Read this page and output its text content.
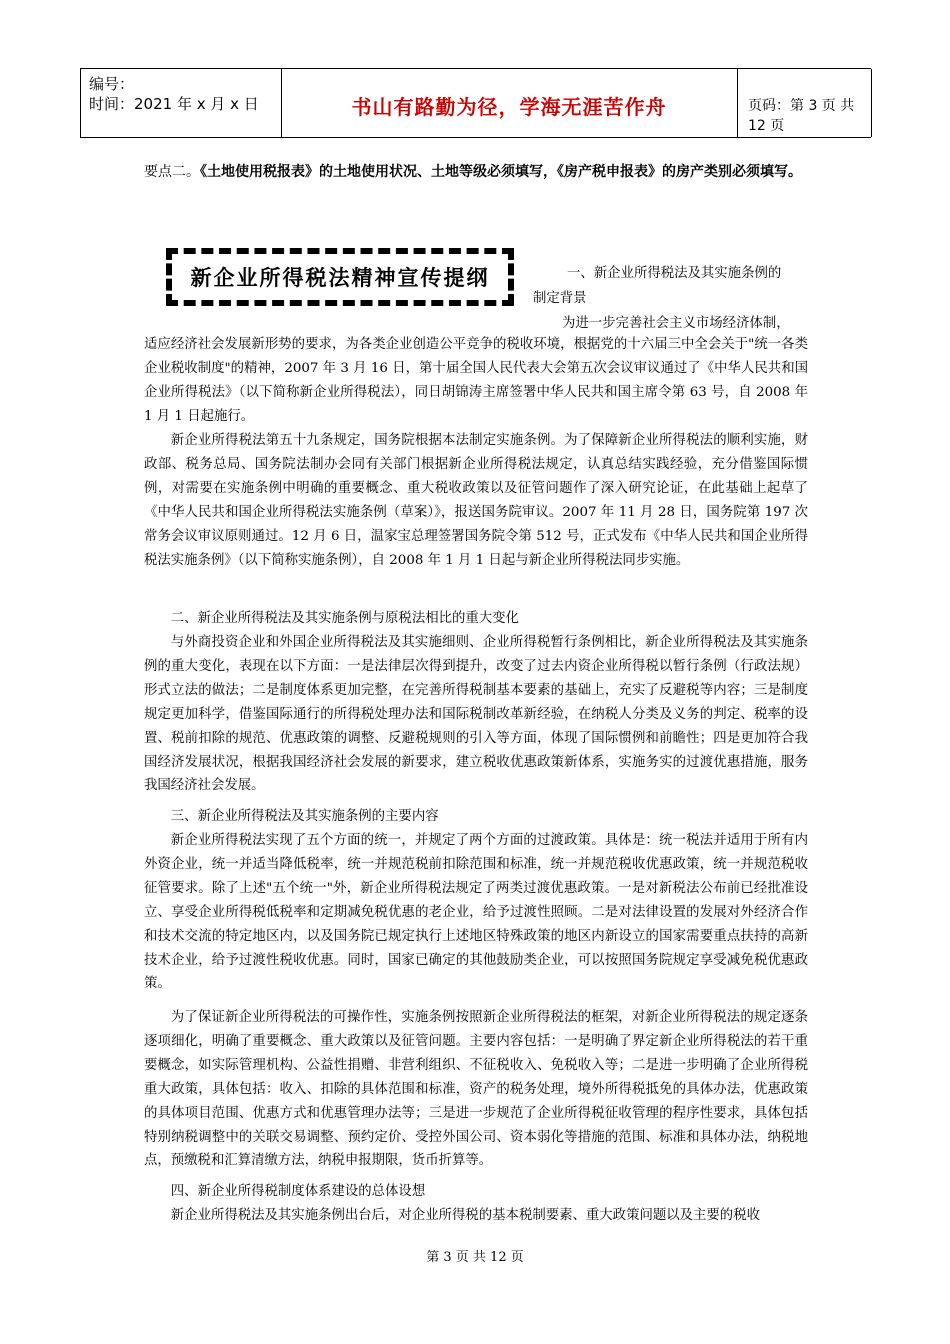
编号：
时间：2021 年 x 月 x 日	书山有路勤为径，学海无涯苦作舟	页码：第 3 页 共 12 页

要点二。《土地使用税报表》的土地使用状况、土地等级必须填写，《房产税申报表》的房产类别必须填写。

新企业所得税法精神宣传提纲	一、新企业所得税法及其实施条例的
制定背景
为进一步完善社会主义市场经济体制，

适应经济社会发展新形势的要求，为各类企业创造公平竞争的税收环境，根据党的十六届三中全会关于"统一各类企业税收制度"的精神，2007 年 3 月 16 日，第十届全国人民代表大会第五次会议审议通过了《中华人民共和国企业所得税法》（以下简称新企业所得税法），同日胡锦涛主席签署中华人民共和国主席令第 63 号，自 2008 年 1 月 1 日起施行。

新企业所得税法第五十九条规定，国务院根据本法制定实施条例。为了保障新企业所得税法的顺利实施，财政部、税务总局、国务院法制办会同有关部门根据新企业所得税法规定，认真总结实践经验，充分借鉴国际惯例，对需要在实施条例中明确的重要概念、重大税收政策以及征管问题作了深入研究论证，在此基础上起草了《中华人民共和国企业所得税法实施条例（草案）》，报送国务院审议。2007 年 11 月 28 日，国务院第 197 次常务会议审议原则通过。12 月 6 日，温家宝总理签署国务院令第 512 号，正式发布《中华人民共和国企业所得税法实施条例》（以下简称实施条例），自 2008 年 1 月 1 日起与新企业所得税法同步实施。

二、新企业所得税法及其实施条例与原税法相比的重大变化

与外商投资企业和外国企业所得税法及其实施细则、企业所得税暂行条例相比，新企业所得税法及其实施条例的重大变化，表现在以下方面：一是法律层次得到提升，改变了过去内资企业所得税以暂行条例（行政法规）形式立法的做法；二是制度体系更加完整，在完善所得税制基本要素的基础上，充实了反避税等内容；三是制度规定更加科学，借鉴国际通行的所得税处理办法和国际税制改革新经验，在纳税人分类及义务的判定、税率的设置、税前扣除的规范、优惠政策的调整、反避税规则的引入等方面，体现了国际惯例和前瞻性；四是更加符合我国经济发展状况，根据我国经济社会发展的新要求，建立税收优惠政策新体系，实施务实的过渡优惠措施，服务我国经济社会发展。

三、新企业所得税法及其实施条例的主要内容

新企业所得税法实现了五个方面的统一，并规定了两个方面的过渡政策。具体是：统一税法并适用于所有内外资企业，统一并适当降低税率，统一并规范税前扣除范围和标准，统一并规范税收优惠政策，统一并规范税收征管要求。除了上述"五个统一"外，新企业所得税法规定了两类过渡优惠政策。一是对新税法公布前已经批准设立、享受企业所得税低税率和定期减免税优惠的老企业，给予过渡性照顾。二是对法律设置的发展对外经济合作和技术交流的特定地区内，以及国务院已规定执行上述地区特殊政策的地区内新设立的国家需要重点扶持的高新技术企业，给予过渡性税收优惠。同时，国家已确定的其他鼓励类企业，可以按照国务院规定享受减免税优惠政策。

为了保证新企业所得税法的可操作性，实施条例按照新企业所得税法的框架，对新企业所得税法的规定逐条逐项细化，明确了重要概念、重大政策以及征管问题。主要内容包括：一是明确了界定新企业所得税法的若干重要概念，如实际管理机构、公益性捐赠、非营利组织、不征税收入、免税收入等；二是进一步明确了企业所得税重大政策，具体包括：收入、扣除的具体范围和标准，资产的税务处理，境外所得税抵免的具体办法，优惠政策的具体项目范围、优惠方式和优惠管理办法等；三是进一步规范了企业所得税征收管理的程序性要求，具体包括特别纳税调整中的关联交易调整、预约定价、受控外国公司、资本弱化等措施的范围、标准和具体办法，纳税地点，预缴税和汇算清缴方法，纳税申报期限，货币折算等。

四、新企业所得税制度体系建设的总体设想

新企业所得税法及其实施条例出台后，对企业所得税的基本税制要素、重大政策问题以及主要的税收

第 3 页 共 12 页
